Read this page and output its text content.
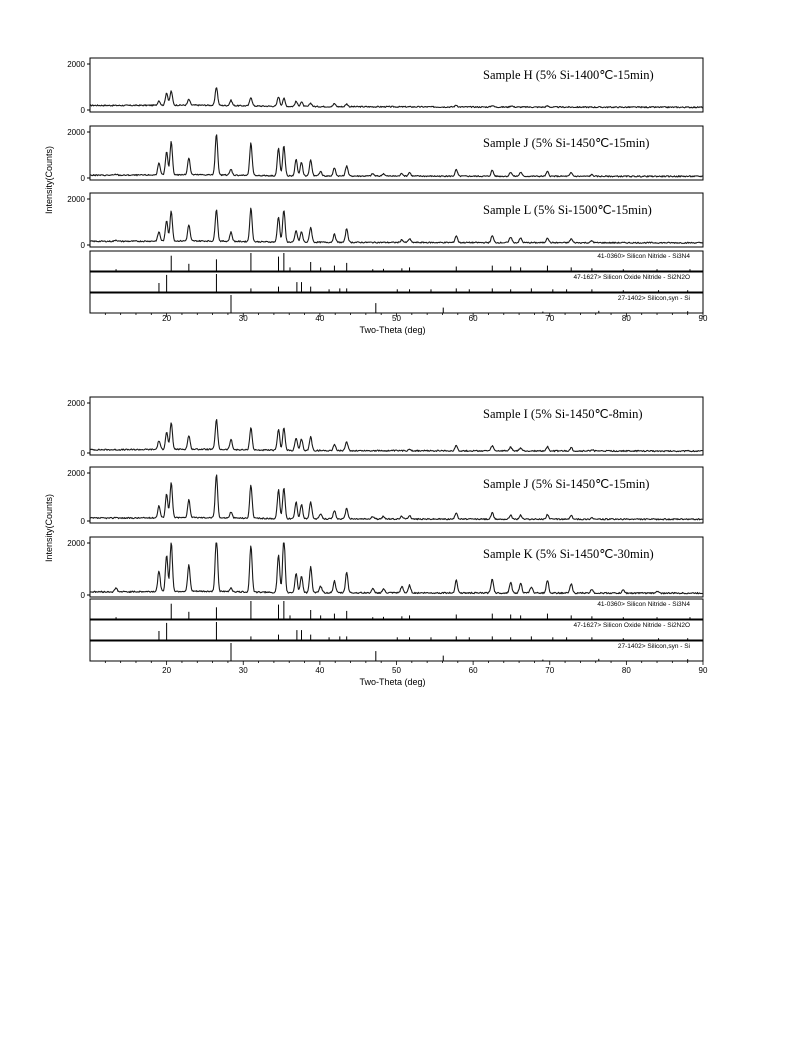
Intensity(Counts)
2000
0
Sample H (5% Si-1400℃-15min)
2000
0
Sample J (5% Si-1450℃-15min)
2000
0
Sample L (5% Si-1500℃-15min)
41-0360> Silicon Nitride - Si3N4
47-1627> Silicon Oxide Nitride - Si2N2O
27-1402> Silicon,syn - Si
20	30	40	50	60	70	80	90
Two-Theta (deg)
Intensity(Counts)
2000
0
Sample I (5% Si-1450℃-8min)
2000
0
Sample J (5% Si-1450℃-15min)
2000
0
Sample K (5% Si-1450℃-30min)
41-0360> Silicon Nitride - Si3N4
47-1627> Silicon Oxide Nitride - Si2N2O
27-1402> Silicon,syn - Si
20	30	40	50	60	70	80	90
Two-Theta (deg)
